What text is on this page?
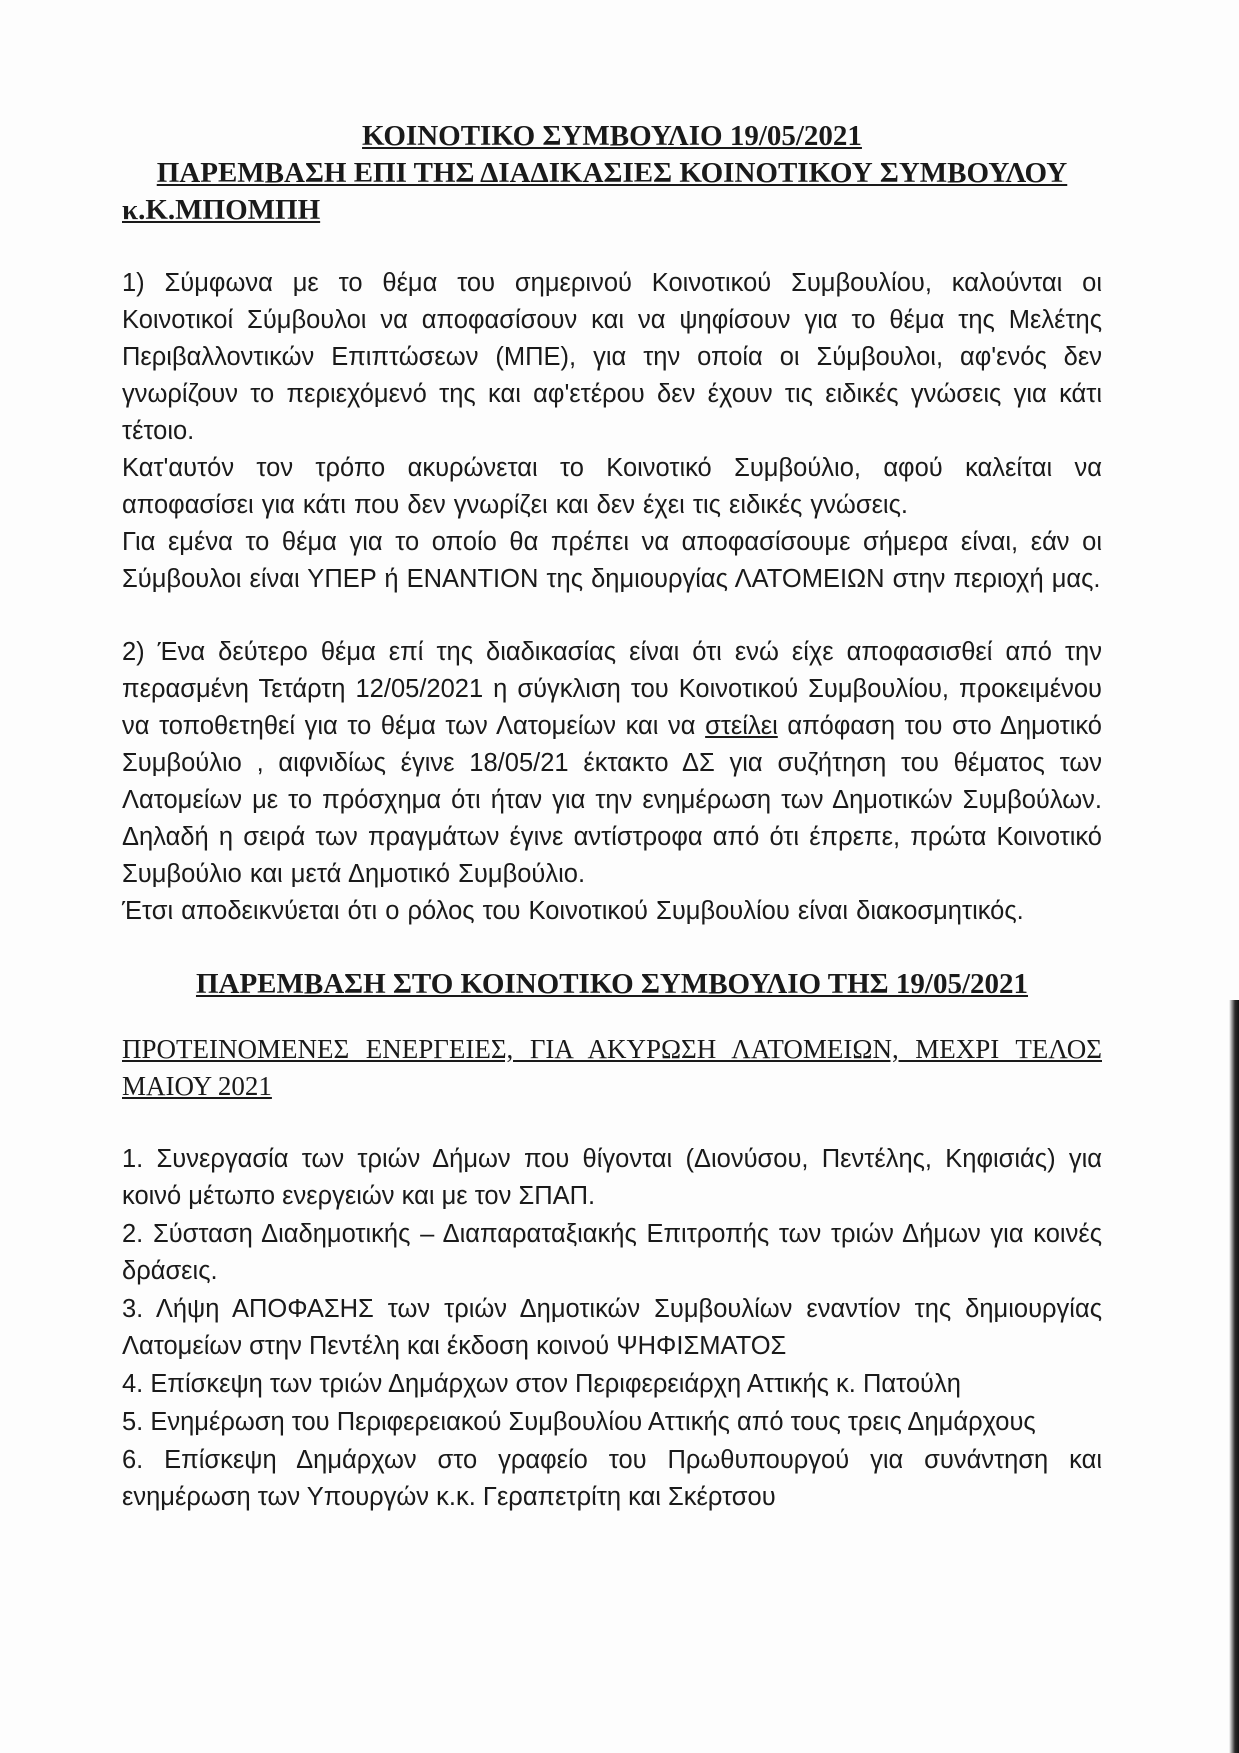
ΚΟΙΝΟΤΙΚΟ ΣΥΜΒΟΥΛΙΟ 19/05/2021

ΠΑΡΕΜΒΑΣΗ ΕΠΙ ΤΗΣ ΔΙΑΔΙΚΑΣΙΕΣ ΚΟΙΝΟΤΙΚΟΥ ΣΥΜΒΟΥΛΟΥ

κ.Κ.ΜΠΟΜΠΗ

1) Σύμφωνα με το θέμα του σημερινού Κοινοτικού Συμβουλίου, καλούνται οι Κοινοτικοί Σύμβουλοι να αποφασίσουν και να ψηφίσουν για το θέμα της Μελέτης Περιβαλλοντικών Επιπτώσεων (ΜΠΕ), για την οποία οι Σύμβουλοι, αφ'ενός δεν γνωρίζουν το περιεχόμενό της και αφ'ετέρου δεν έχουν τις ειδικές γνώσεις για κάτι τέτοιο.

Κατ'αυτόν τον τρόπο ακυρώνεται το Κοινοτικό Συμβούλιο, αφού καλείται να αποφασίσει για κάτι που δεν γνωρίζει και δεν έχει τις ειδικές γνώσεις.

Για εμένα το θέμα για το οποίο θα πρέπει να αποφασίσουμε σήμερα είναι, εάν οι Σύμβουλοι είναι ΥΠΕΡ ή ΕΝΑΝΤΙΟΝ της δημιουργίας ΛΑΤΟΜΕΙΩΝ στην περιοχή μας.

2) Ένα δεύτερο θέμα επί της διαδικασίας είναι ότι ενώ είχε αποφασισθεί από την περασμένη Τετάρτη 12/05/2021 η σύγκλιση του Κοινοτικού Συμβουλίου, προκειμένου να τοποθετηθεί για το θέμα των Λατομείων και να στείλει απόφαση του στο Δημοτικό Συμβούλιο , αιφνιδίως έγινε 18/05/21 έκτακτο ΔΣ για συζήτηση του θέματος των Λατομείων με το πρόσχημα ότι ήταν για την ενημέρωση των Δημοτικών Συμβούλων. Δηλαδή η σειρά των πραγμάτων έγινε αντίστροφα από ότι έπρεπε, πρώτα Κοινοτικό Συμβούλιο και μετά Δημοτικό Συμβούλιο.

Έτσι αποδεικνύεται ότι ο ρόλος του Κοινοτικού Συμβουλίου είναι διακοσμητικός.

ΠΑΡΕΜΒΑΣΗ ΣΤΟ ΚΟΙΝΟΤΙΚΟ ΣΥΜΒΟΥΛΙΟ ΤΗΣ 19/05/2021

ΠΡΟΤΕΙΝΟΜΕΝΕΣ ΕΝΕΡΓΕΙΕΣ, ΓΙΑ ΑΚΥΡΩΣΗ ΛΑΤΟΜΕΙΩΝ, ΜΕΧΡΙ ΤΕΛΟΣ ΜΑΙΟΥ 2021

1. Συνεργασία των τριών Δήμων που θίγονται (Διονύσου, Πεντέλης, Κηφισιάς) για κοινό μέτωπο ενεργειών και με τον ΣΠΑΠ.

2. Σύσταση Διαδημοτικής – Διαπαραταξιακής Επιτροπής των τριών Δήμων για κοινές δράσεις.

3. Λήψη ΑΠΟΦΑΣΗΣ των τριών Δημοτικών Συμβουλίων εναντίον της δημιουργίας Λατομείων στην Πεντέλη και έκδοση κοινού ΨΗΦΙΣΜΑΤΟΣ

4. Επίσκεψη των τριών Δημάρχων στον Περιφερειάρχη Αττικής κ. Πατούλη

5. Ενημέρωση του Περιφερειακού Συμβουλίου Αττικής από τους τρεις Δημάρχους

6. Επίσκεψη Δημάρχων στο γραφείο του Πρωθυπουργού για συνάντηση και ενημέρωση των Υπουργών κ.κ. Γεραπετρίτη και Σκέρτσου
